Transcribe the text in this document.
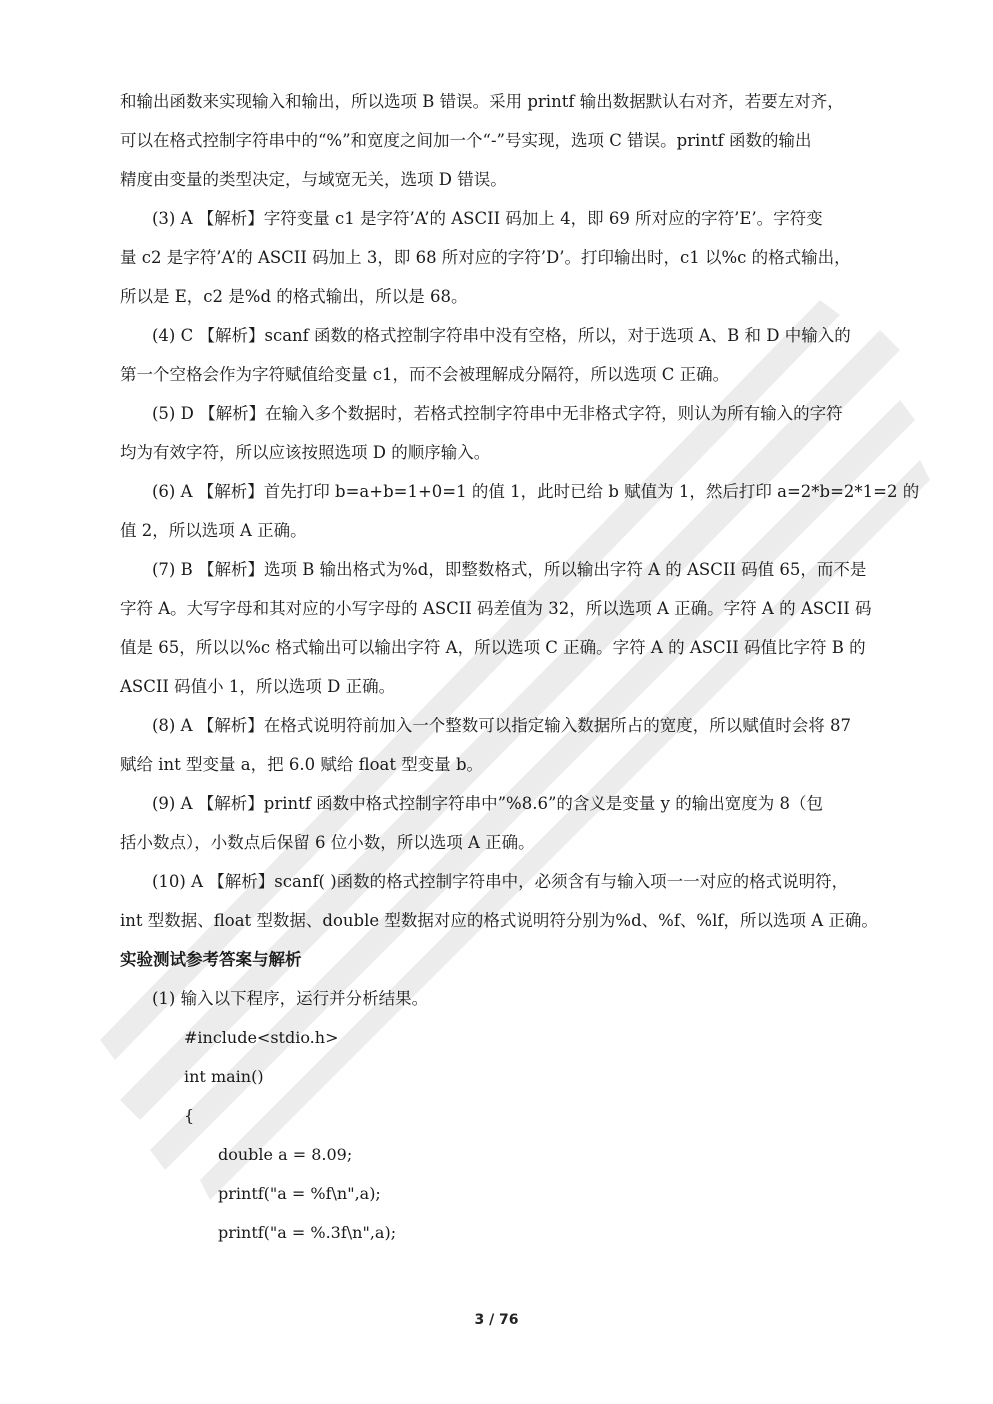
和输出函数来实现输入和输出，所以选项 B 错误。采用 printf 输出数据默认右对齐，若要左对齐，
可以在格式控制字符串中的“%”和宽度之间加一个“-”号实现，选项 C 错误。printf 函数的输出
精度由变量的类型决定，与域宽无关，选项 D 错误。
(3) A 【解析】字符变量 c1 是字符’A’的 ASCII 码加上 4，即 69 所对应的字符’E’。字符变
量 c2 是字符’A’的 ASCII 码加上 3，即 68 所对应的字符’D’。打印输出时，c1 以%c 的格式输出，
所以是 E，c2 是%d 的格式输出，所以是 68。
(4) C 【解析】scanf 函数的格式控制字符串中没有空格，所以，对于选项 A、B 和 D 中输入的
第一个空格会作为字符赋值给变量 c1，而不会被理解成分隔符，所以选项 C 正确。
(5) D 【解析】在输入多个数据时，若格式控制字符串中无非格式字符，则认为所有输入的字符
均为有效字符，所以应该按照选项 D 的顺序输入。
(6) A 【解析】首先打印 b=a+b=1+0=1 的值 1，此时已给 b 赋值为 1，然后打印 a=2*b=2*1=2 的
值 2，所以选项 A 正确。
(7) B 【解析】选项 B 输出格式为%d，即整数格式，所以输出字符 A 的 ASCII 码值 65，而不是
字符 A。大写字母和其对应的小写字母的 ASCII 码差值为 32，所以选项 A 正确。字符 A 的 ASCII 码
值是 65，所以以%c 格式输出可以输出字符 A，所以选项 C 正确。字符 A 的 ASCII 码值比字符 B 的
ASCII 码值小 1，所以选项 D 正确。
(8) A 【解析】在格式说明符前加入一个整数可以指定输入数据所占的宽度，所以赋值时会将 87
赋给 int 型变量 a，把 6.0 赋给 float 型变量 b。
(9) A 【解析】printf 函数中格式控制字符串中”%8.6”的含义是变量 y 的输出宽度为 8（包
括小数点），小数点后保留 6 位小数，所以选项 A 正确。
(10) A 【解析】scanf( )函数的格式控制字符串中，必须含有与输入项一一对应的格式说明符，
int 型数据、float 型数据、double 型数据对应的格式说明符分别为%d、%f、%lf，所以选项 A 正确。
实验测试参考答案与解析
(1) 输入以下程序，运行并分析结果。
#include<stdio.h>
int main()
{
double a = 8.09;
printf("a = %f\n",a);
printf("a = %.3f\n",a);
3 / 76
